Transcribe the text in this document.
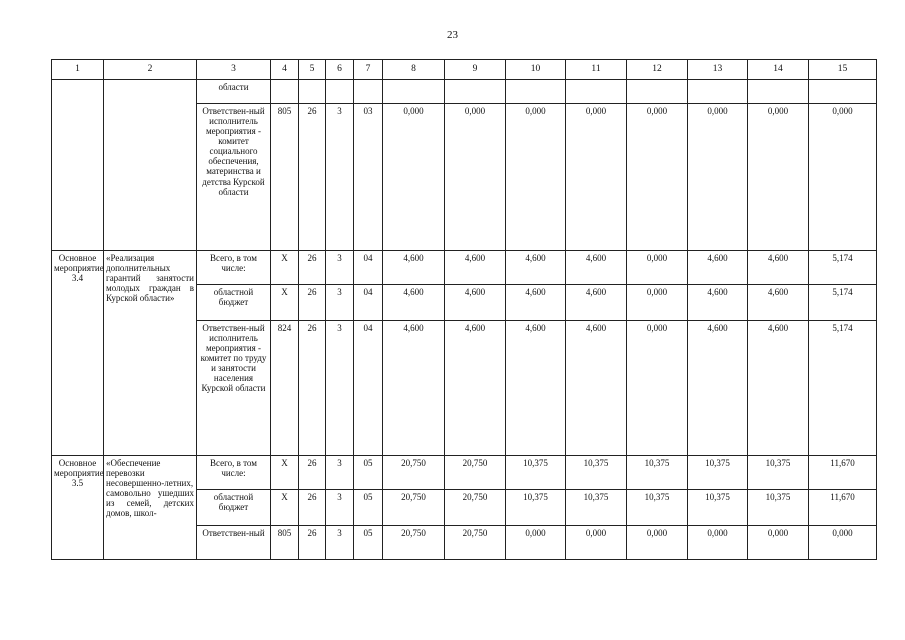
23
1	2	3	4	5	6	7	8	9	10	11	12	13	14	15
		области												
		Ответствен-ный исполнитель мероприятия - комитет социального обеспечения, материнства и детства Курской области	805	26	3	03	0,000	0,000	0,000	0,000	0,000	0,000	0,000	0,000
Основное мероприятие 3.4	«Реализация дополнительных гарантий занятости молодых граждан в Курской области»	Всего, в том числе:	Х	26	3	04	4,600	4,600	4,600	4,600	0,000	4,600	4,600	5,174
		областной бюджет	Х	26	3	04	4,600	4,600	4,600	4,600	0,000	4,600	4,600	5,174
		Ответствен-ный исполнитель мероприятия - комитет по труду и занятости населения Курской области	824	26	3	04	4,600	4,600	4,600	4,600	0,000	4,600	4,600	5,174
Основное мероприятие 3.5	«Обеспечение перевозки несовершенно-летних, самовольно ушедших из семей, детских домов, школ-	Всего, в том числе:	Х	26	3	05	20,750	20,750	10,375	10,375	10,375	10,375	10,375	11,670
		областной бюджет	Х	26	3	05	20,750	20,750	10,375	10,375	10,375	10,375	10,375	11,670
		Ответствен-ный	805	26	3	05	20,750	20,750	0,000	0,000	0,000	0,000	0,000	0,000
